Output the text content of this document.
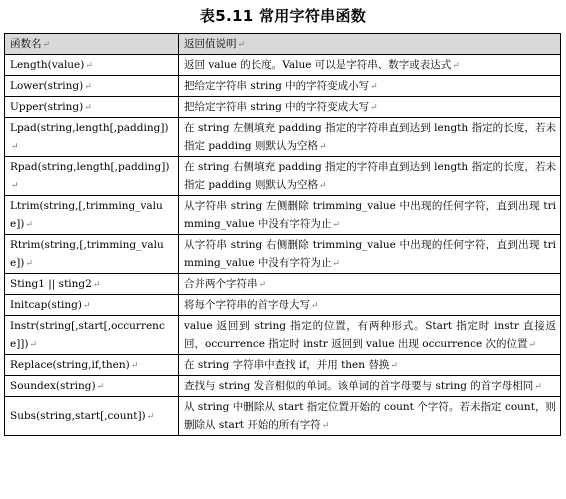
表5.11 常用字符串函数
函数名↵	返回值说明↵
Length(value)↵	返回 value 的长度。Value 可以是字符串、数字或表达式↵
Lower(string)↵	把给定字符串 string 中的字符变成小写↵
Upper(string)↵	把给定字符串 string 中的字符变成大写↵
Lpad(string,length[,padding])↵	在 string 左侧填充 padding 指定的字符串直到达到 length 指定的长度，若未指定 padding 则默认为空格↵
Rpad(string,length[,padding])↵	在 string 右侧填充 padding 指定的字符串直到达到 length 指定的长度，若未指定 padding 则默认为空格↵
Ltrim(string,[,trimming_value])↵	从字符串 string 左侧删除 trimming_value 中出现的任何字符，直到出现 trimming_value 中没有字符为止↵
Rtrim(string,[,trimming_value])↵	从字符串 string 右侧删除 trimming_value 中出现的任何字符，直到出现 trimming_value 中没有字符为止↵
Sting1 || sting2↵	合并两个字符串↵
Initcap(sting)↵	将每个字符串的首字母大写↵
Instr(string[,start[,occurrence]])↵	value 返回到 string 指定的位置，有两种形式。Start 指定时 instr 直接返回，occurrence 指定时 instr 返回到 value 出现 occurrence 次的位置↵
Replace(string,if,then)↵	在 string 字符串中查找 if，并用 then 替换↵
Soundex(string)↵	查找与 string 发音相似的单词。该单词的首字母要与 string 的首字母相同↵
Subs(string,start[,count])↵	从 string 中删除从 start 指定位置开始的 count 个字符。若未指定 count，则删除从 start 开始的所有字符↵
